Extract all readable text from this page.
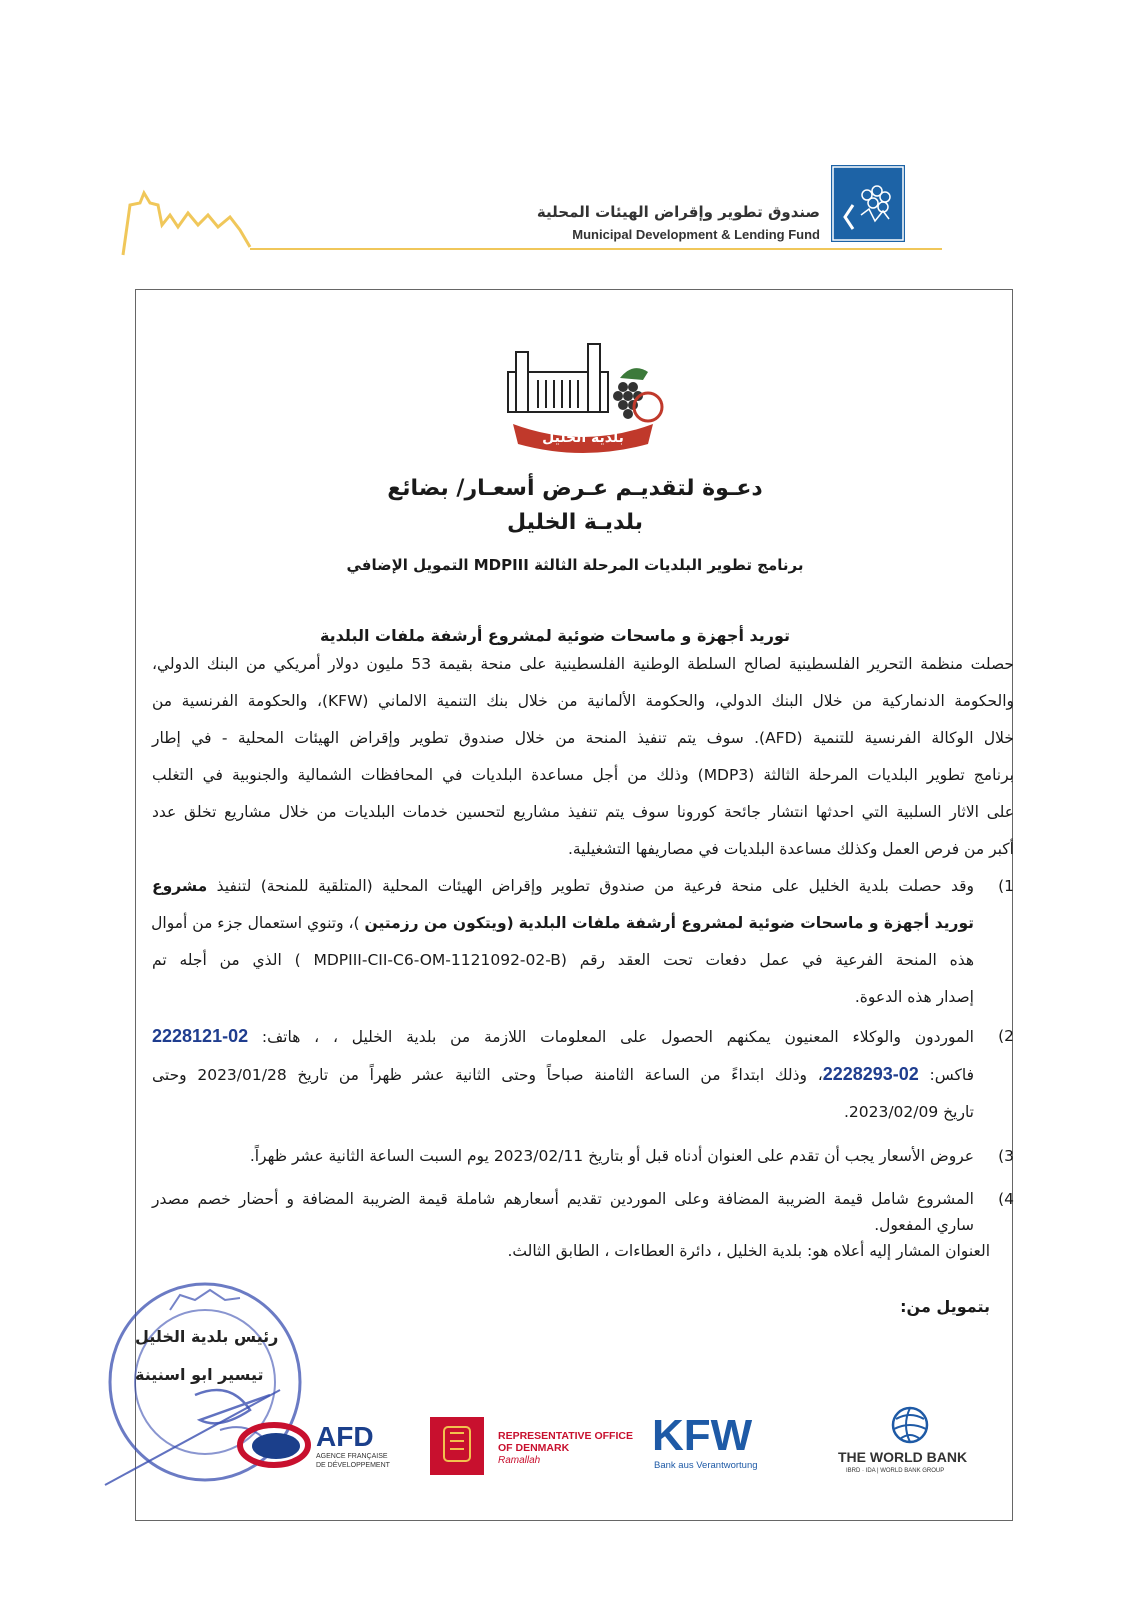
صندوق تطوير وإقراض الهيئات المحلية
Municipal Development & Lending Fund
بلدية الخليل
دعـوة لتقديـم عـرض أسعـار/ بضائع
بلديـة الخليل
برنامج تطوير البلديات المرحلة الثالثة MDPIII التمويل الإضافي
توريد أجهزة و ماسحات ضوئية لمشروع أرشفة ملفات البلدية
حصلت منظمة التحرير الفلسطينية لصالح السلطة الوطنية الفلسطينية على منحة بقيمة 53 مليون دولار أمريكي من البنك الدولي،
والحكومة الدنماركية من خلال البنك الدولي، والحكومة الألمانية من خلال بنك التنمية الالماني (KFW)، والحكومة الفرنسية من
خلال الوكالة الفرنسية للتنمية (AFD). سوف يتم تنفيذ المنحة من خلال صندوق تطوير وإقراض الهيئات المحلية - في إطار
برنامج تطوير البلديات المرحلة الثالثة (MDP3) وذلك من أجل مساعدة البلديات في المحافظات الشمالية والجنوبية في التغلب
على الاثار السلبية التي احدثها انتشار جائحة كورونا سوف يتم تنفيذ مشاريع لتحسين خدمات البلديات من خلال مشاريع تخلق عدد
أكبر من فرص العمل وكذلك مساعدة البلديات في مصاريفها التشغيلية.
1)
وقد حصلت بلدية الخليل على منحة فرعية من صندوق تطوير وإقراض الهيئات المحلية (المتلقية للمنحة) لتنفيذ مشروع
توريد أجهزة و ماسحات ضوئية لمشروع أرشفة ملفات البلدية (ويتكون من رزمتين )، وتنوي استعمال جزء من أموال
هذه المنحة الفرعية في عمل دفعات تحت العقد رقم (MDPIII-CII-C6-OM-1121092-02-B ) الذي من أجله تم
إصدار هذه الدعوة.
2)
الموردون والوكلاء المعنيون يمكنهم الحصول على المعلومات اللازمة من بلدية الخليل ، ، هاتف: 02-2228121
فاكس: 02-2228293، وذلك ابتداءً من الساعة الثامنة صباحاً وحتى الثانية عشر ظهراً من تاريخ 2023/01/28 وحتى
تاريخ 2023/02/09.
3)
عروض الأسعار يجب أن تقدم على العنوان أدناه قبل أو بتاريخ 2023/02/11 يوم السبت الساعة الثانية عشر ظهراً.
4)
المشروع شامل قيمة الضريبة المضافة وعلى الموردين تقديم أسعارهم شاملة قيمة الضريبة المضافة و أحضار خصم مصدر
ساري المفعول.
العنوان المشار إليه أعلاه هو: بلدية الخليل ، دائرة العطاءات ، الطابق الثالث.
بتمويل من:
رئيس بلدية الخليل
تيسير ابو اسنينة
AFD
AGENCE FRANÇAISE
DE DÉVELOPPEMENT
REPRESENTATIVE OFFICE
OF DENMARK
Ramallah
KFW
Bank aus Verantwortung
THE WORLD BANK
IBRD · IDA | WORLD BANK GROUP
